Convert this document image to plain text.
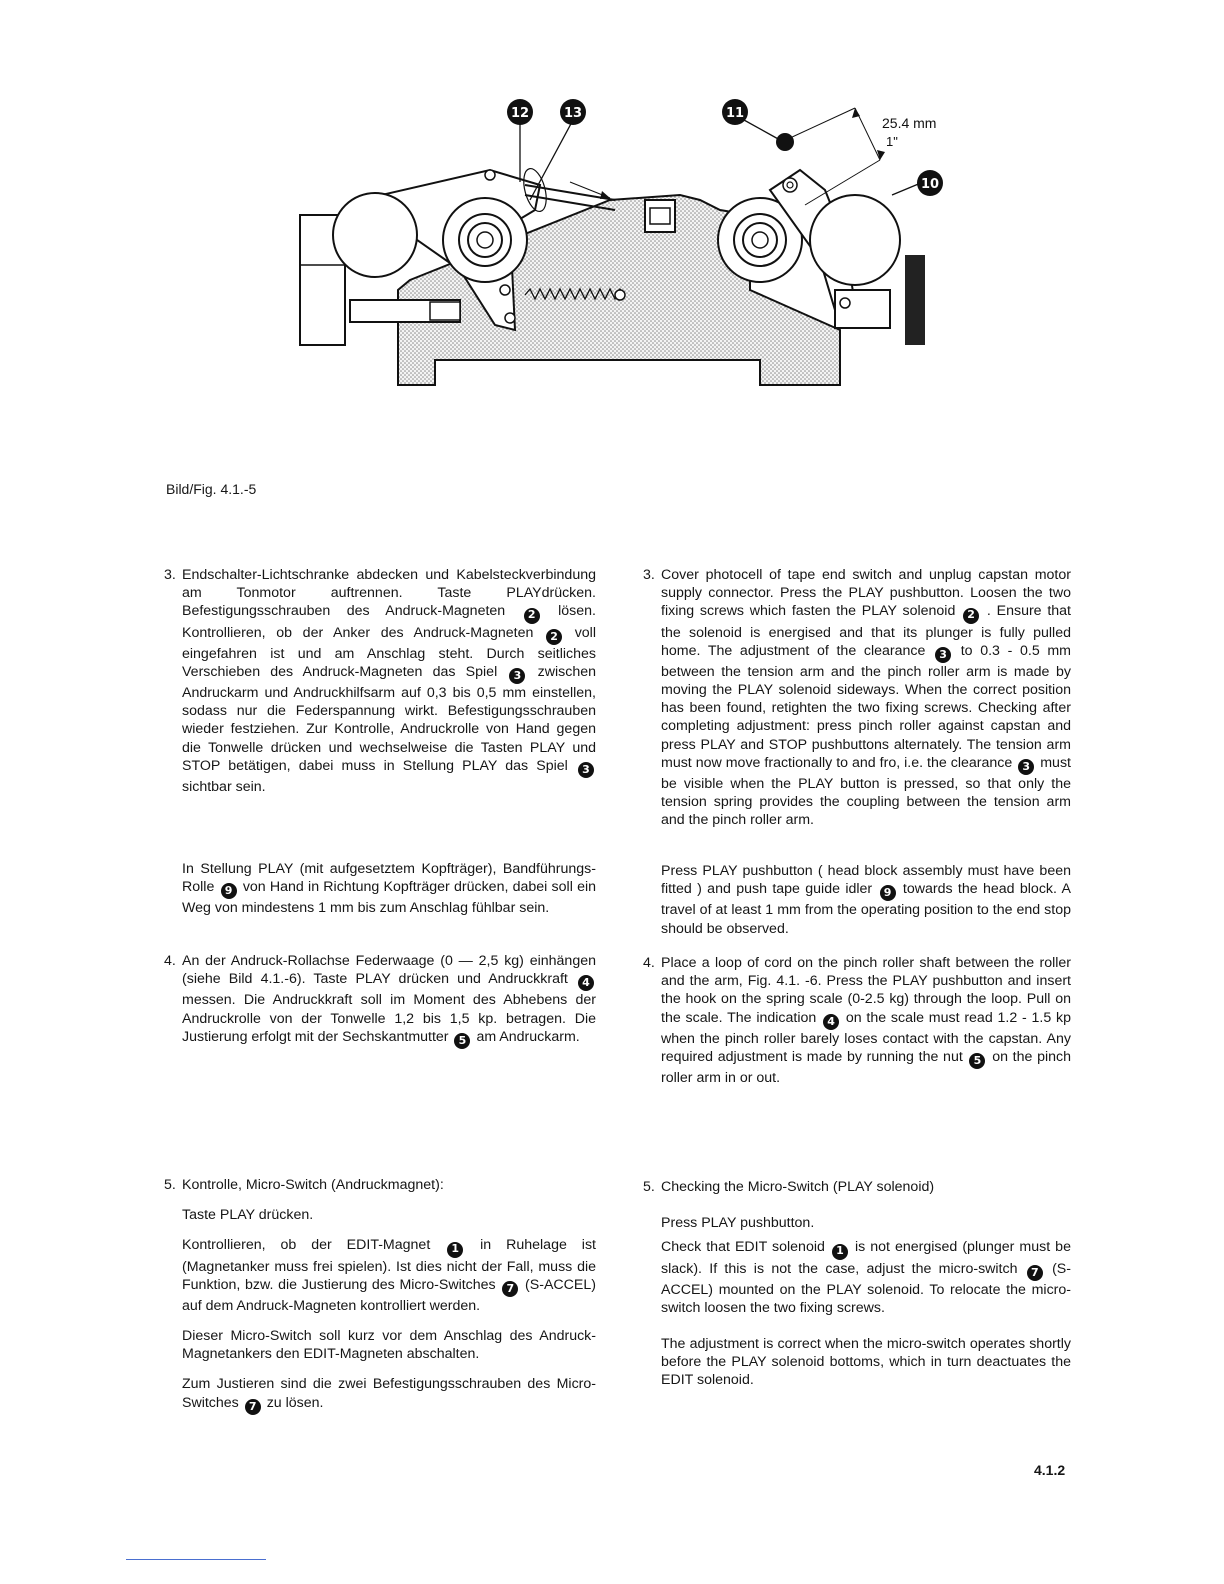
12	13	11
10
25.4 mm
1"
Bild/Fig. 4.1.-5
3. Endschalter-Lichtschranke abdecken und Kabelsteckverbindung am Tonmotor auftrennen. Taste PLAYdrücken. Befestigungsschrauben des Andruck-Magneten 2 lösen. Kontrollieren, ob der Anker des Andruck-Magneten 2 voll eingefahren ist und am Anschlag steht. Durch seitliches Verschieben des Andruck-Magneten das Spiel 3 zwischen Andruckarm und Andruckhilfsarm auf 0,3 bis 0,5 mm einstellen, sodass nur die Federspannung wirkt. Befestigungsschrauben wieder festziehen. Zur Kontrolle, Andruckrolle von Hand gegen die Tonwelle drücken und wechselweise die Tasten PLAY und STOP betätigen, dabei muss in Stellung PLAY das Spiel 3 sichtbar sein.

In Stellung PLAY (mit aufgesetztem Kopfträger), Bandführungs-Rolle 9 von Hand in Richtung Kopfträger drücken, dabei soll ein Weg von mindestens 1 mm bis zum Anschlag fühlbar sein.

4. An der Andruck-Rollachse Federwaage (0 — 2,5 kg) einhängen (siehe Bild 4.1.-6). Taste PLAY drücken und Andruckkraft 4 messen. Die Andruckkraft soll im Moment des Abhebens der Andruckrolle von der Tonwelle 1,2 bis 1,5 kp. betragen. Die Justierung erfolgt mit der Sechskantmutter 5 am Andruckarm.

5. Kontrolle, Micro-Switch (Andruckmagnet):

Taste PLAY drücken.

Kontrollieren, ob der EDIT-Magnet 1 in Ruhelage ist (Magnetanker muss frei spielen). Ist dies nicht der Fall, muss die Funktion, bzw. die Justierung des Micro-Switches 7 (S-ACCEL) auf dem Andruck-Magneten kontrolliert werden.

Dieser Micro-Switch soll kurz vor dem Anschlag des Andruck-Magnetankers den EDIT-Magneten abschalten.

Zum Justieren sind die zwei Befestigungsschrauben des Micro-Switches 7 zu lösen.

3. Cover photocell of tape end switch and unplug capstan motor supply connector. Press the PLAY pushbutton. Loosen the two fixing screws which fasten the PLAY solenoid 2 . Ensure that the solenoid is energised and that its plunger is fully pulled home. The adjustment of the clearance 3 to 0.3 - 0.5 mm between the tension arm and the pinch roller arm is made by moving the PLAY solenoid sideways. When the correct position has been found, retighten the two fixing screws. Checking after completing adjustment: press pinch roller against capstan and press PLAY and STOP pushbuttons alternately. The tension arm must now move fractionally to and fro, i.e. the clearance 3 must be visible when the PLAY button is pressed, so that only the tension spring provides the coupling between the tension arm and the pinch roller arm.

Press PLAY pushbutton ( head block assembly must have been fitted ) and push tape guide idler 9 towards the head block. A travel of at least 1 mm from the operating position to the end stop should be observed.

4. Place a loop of cord on the pinch roller shaft between the roller and the arm, Fig. 4.1. -6. Press the PLAY pushbutton and insert the hook on the spring scale (0-2.5 kg) through the loop. Pull on the scale. The indication 4 on the scale must read 1.2 - 1.5 kp when the pinch roller barely loses contact with the capstan. Any required adjustment is made by running the nut 5 on the pinch roller arm in or out.

5. Checking the Micro-Switch (PLAY solenoid)

Press PLAY pushbutton.

Check that EDIT solenoid 1 is not energised (plunger must be slack). If this is not the case, adjust the micro-switch 7 (S-ACCEL) mounted on the PLAY solenoid. To relocate the micro-switch loosen the two fixing screws.

The adjustment is correct when the micro-switch operates shortly before the PLAY solenoid bottoms, which in turn deactuates the EDIT solenoid.

4.1.2
